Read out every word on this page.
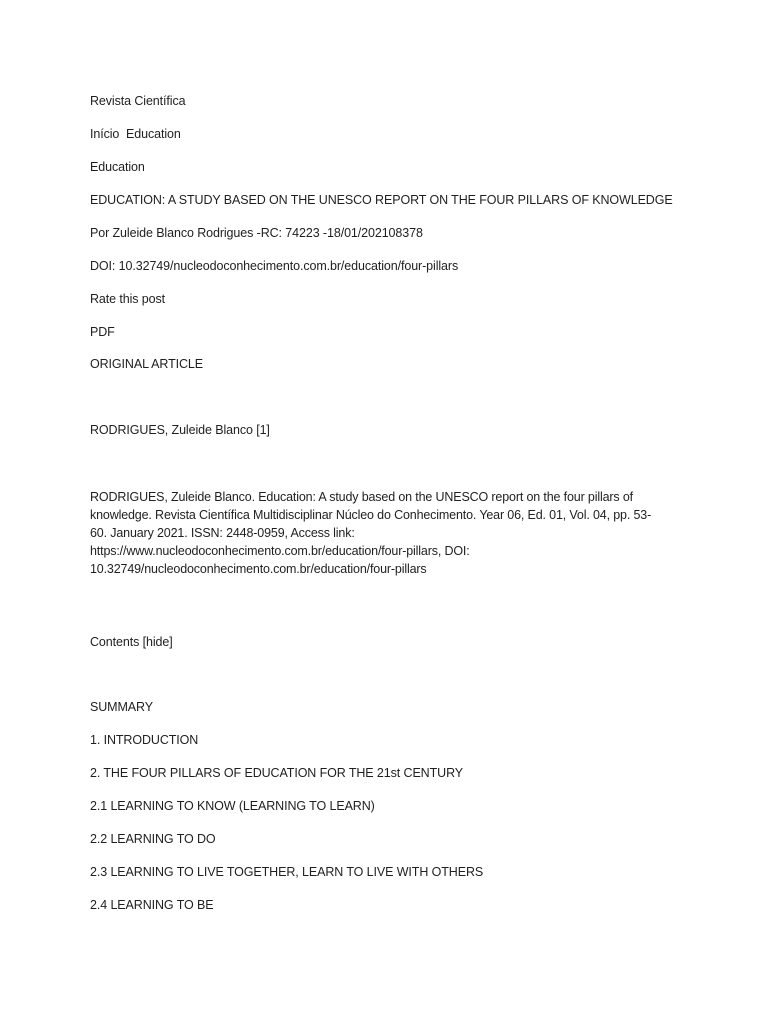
Revista Científica
Início Education
Education
EDUCATION: A STUDY BASED ON THE UNESCO REPORT ON THE FOUR PILLARS OF KNOWLEDGE
Por Zuleide Blanco Rodrigues -RC: 74223 -18/01/202108378
DOI: 10.32749/nucleodoconhecimento.com.br/education/four-pillars
Rate this post
PDF
ORIGINAL ARTICLE
RODRIGUES, Zuleide Blanco [1]
RODRIGUES, Zuleide Blanco. Education: A study based on the UNESCO report on the four pillars of
knowledge. Revista Científica Multidisciplinar Núcleo do Conhecimento. Year 06, Ed. 01, Vol. 04, pp. 53-
60. January 2021. ISSN: 2448-0959, Access link:
https://www.nucleodoconhecimento.com.br/education/four-pillars, DOI:
10.32749/nucleodoconhecimento.com.br/education/four-pillars
Contents [hide]
SUMMARY
1. INTRODUCTION
2. THE FOUR PILLARS OF EDUCATION FOR THE 21st CENTURY
2.1 LEARNING TO KNOW (LEARNING TO LEARN)
2.2 LEARNING TO DO
2.3 LEARNING TO LIVE TOGETHER, LEARN TO LIVE WITH OTHERS
2.4 LEARNING TO BE
